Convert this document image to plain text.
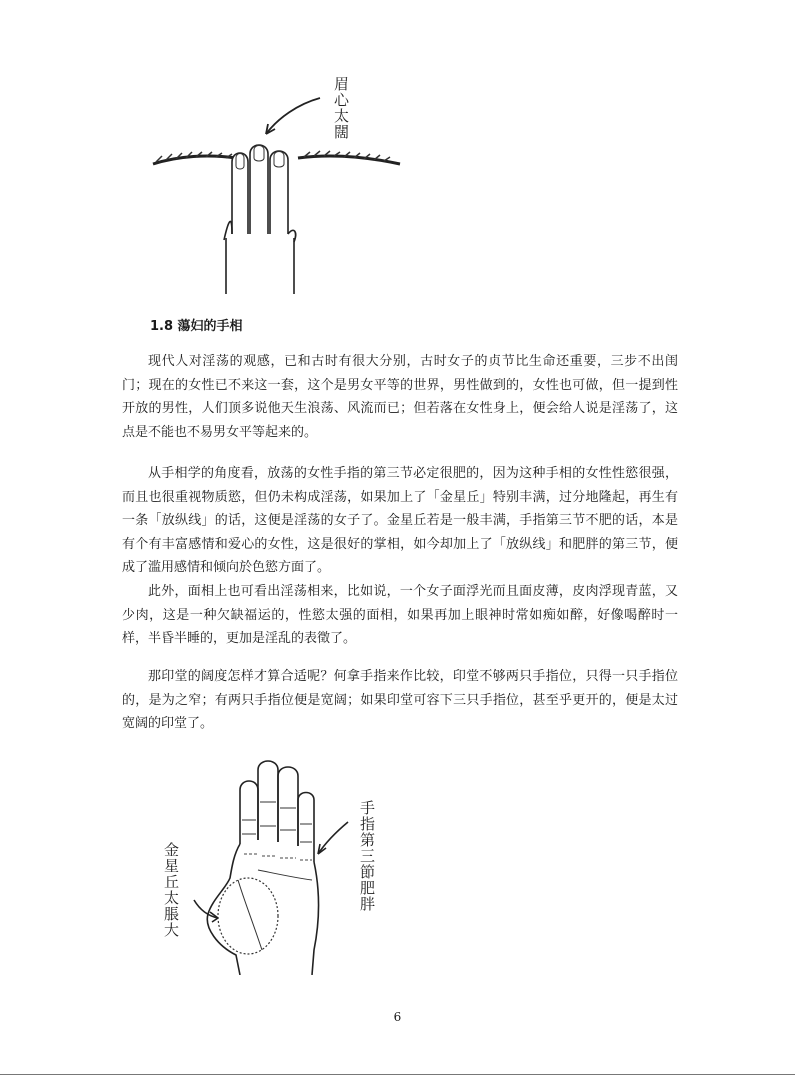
眉心太闊
1.8 蕩妇的手相

现代人对淫荡的观感，已和古时有很大分别，古时女子的贞节比生命还重要，三步不出闺门；现在的女性已不来这一套，这个是男女平等的世界，男性做到的，女性也可做，但一提到性开放的男性，人们顶多说他天生浪荡、风流而已；但若落在女性身上，便会给人说是淫荡了，这点是不能也不易男女平等起来的。

从手相学的角度看，放荡的女性手指的第三节必定很肥的，因为这种手相的女性性慾很强，而且也很重视物质慾，但仍未构成淫荡，如果加上了「金星丘」特别丰满，过分地隆起，再生有一条「放纵线」的话，这便是淫荡的女子了。金星丘若是一般丰满，手指第三节不肥的话，本是有个有丰富感情和爱心的女性，这是很好的掌相，如今却加上了「放纵线」和肥胖的第三节，便成了滥用感情和倾向於色慾方面了。

此外，面相上也可看出淫荡相来，比如说，一个女子面浮光而且面皮薄，皮肉浮现青蓝，又少肉，这是一种欠缺福运的，性慾太强的面相，如果再加上眼神时常如痴如醉，好像喝醉时一样，半昏半睡的，更加是淫乱的表徵了。

那印堂的阔度怎样才算合适呢？何拿手指来作比较，印堂不够两只手指位，只得一只手指位的，是为之窄；有两只手指位便是宽阔；如果印堂可容下三只手指位，甚至乎更开的，便是太过宽阔的印堂了。

金星丘太脹大	手指第三節肥胖
6
